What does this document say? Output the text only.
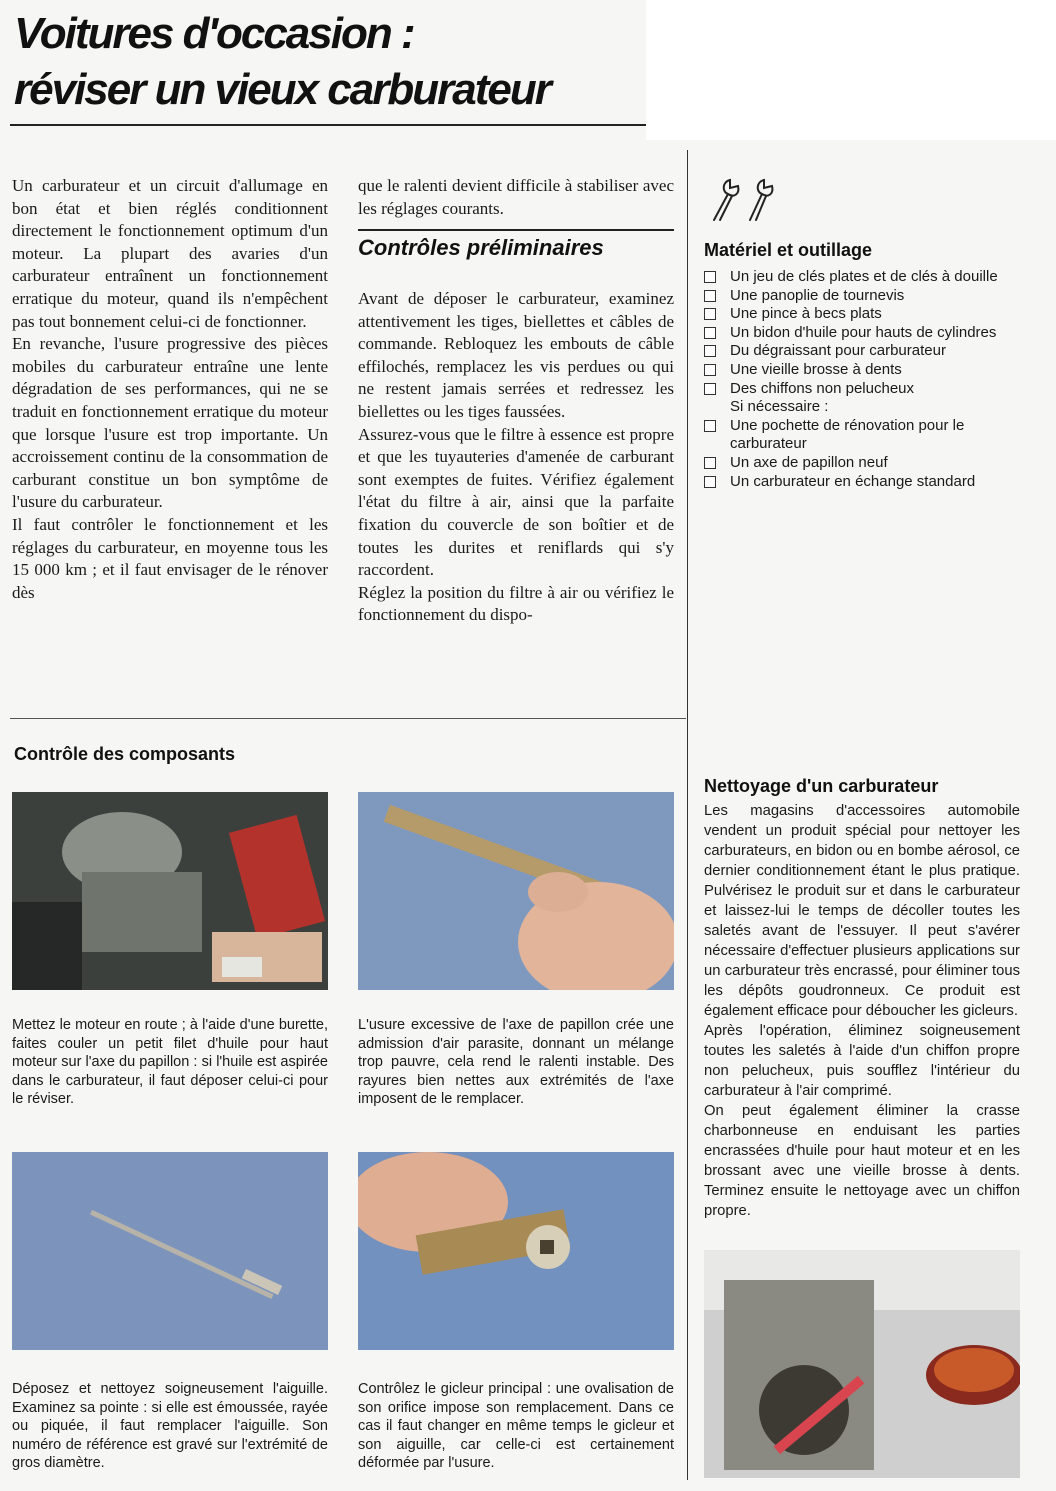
Voitures d'occasion :
réviser un vieux carburateur

Un carburateur et un circuit d'allumage en bon état et bien réglés conditionnent directement le fonctionnement optimum d'un moteur. La plupart des avaries d'un carburateur entraînent un fonctionnement erratique du moteur, quand ils n'empêchent pas tout bonnement celui-ci de fonctionner.

En revanche, l'usure progressive des pièces mobiles du carburateur entraîne une lente dégradation de ses performances, qui ne se traduit en fonctionnement erratique du moteur que lorsque l'usure est trop importante. Un accroissement continu de la consommation de carburant constitue un bon symptôme de l'usure du carburateur.

Il faut contrôler le fonctionnement et les réglages du carburateur, en moyenne tous les 15 000 km ; et il faut envisager de le rénover dès

que le ralenti devient difficile à stabiliser avec les réglages courants.

Contrôles préliminaires

Avant de déposer le carburateur, examinez attentivement les tiges, biellettes et câbles de commande. Rebloquez les embouts de câble effilochés, remplacez les vis perdues ou qui ne restent jamais serrées et redressez les biellettes ou les tiges faussées.

Assurez-vous que le filtre à essence est propre et que les tuyauteries d'amenée de carburant sont exemptes de fuites. Vérifiez également l'état du filtre à air, ainsi que la parfaite fixation du couvercle de son boîtier et de toutes les durites et reniflards qui s'y raccordent.

Réglez la position du filtre à air ou vérifiez le fonctionnement du dispo-

Matériel et outillage
Un jeu de clés plates et de clés à douille
Une panoplie de tournevis
Une pince à becs plats
Un bidon d'huile pour hauts de cylindres
Du dégraissant pour carburateur
Une vieille brosse à dents
Des chiffons non pelucheux
Si nécessaire :
Une pochette de rénovation pour le carburateur
Un axe de papillon neuf
Un carburateur en échange standard
Contrôle des composants
Mettez le moteur en route ; à l'aide d'une burette, faites couler un petit filet d'huile pour haut moteur sur l'axe du papillon : si l'huile est aspirée dans le carburateur, il faut déposer celui-ci pour le réviser.
L'usure excessive de l'axe de papillon crée une admission d'air parasite, donnant un mélange trop pauvre, cela rend le ralenti instable. Des rayures bien nettes aux extrémités de l'axe imposent de le remplacer.
Déposez et nettoyez soigneusement l'aiguille. Examinez sa pointe : si elle est émoussée, rayée ou piquée, il faut remplacer l'aiguille. Son numéro de référence est gravé sur l'extrémité de gros diamètre.
Contrôlez le gicleur principal : une ovalisation de son orifice impose son remplacement. Dans ce cas il faut changer en même temps le gicleur et son aiguille, car celle-ci est certainement déformée par l'usure.
Nettoyage d'un carburateur

Les magasins d'accessoires automobile vendent un produit spécial pour nettoyer les carburateurs, en bidon ou en bombe aérosol, ce dernier conditionnement étant le plus pratique. Pulvérisez le produit sur et dans le carburateur et laissez-lui le temps de décoller toutes les saletés avant de l'essuyer. Il peut s'avérer nécessaire d'effectuer plusieurs applications sur un carburateur très encrassé, pour éliminer tous les dépôts goudronneux. Ce produit est également efficace pour déboucher les gicleurs.

Après l'opération, éliminez soigneusement toutes les saletés à l'aide d'un chiffon propre non pelucheux, puis soufflez l'intérieur du carburateur à l'air comprimé.

On peut également éliminer la crasse charbonneuse en enduisant les parties encrassées d'huile pour haut moteur et en les brossant avec une vieille brosse à dents. Terminez ensuite le nettoyage avec un chiffon propre.
